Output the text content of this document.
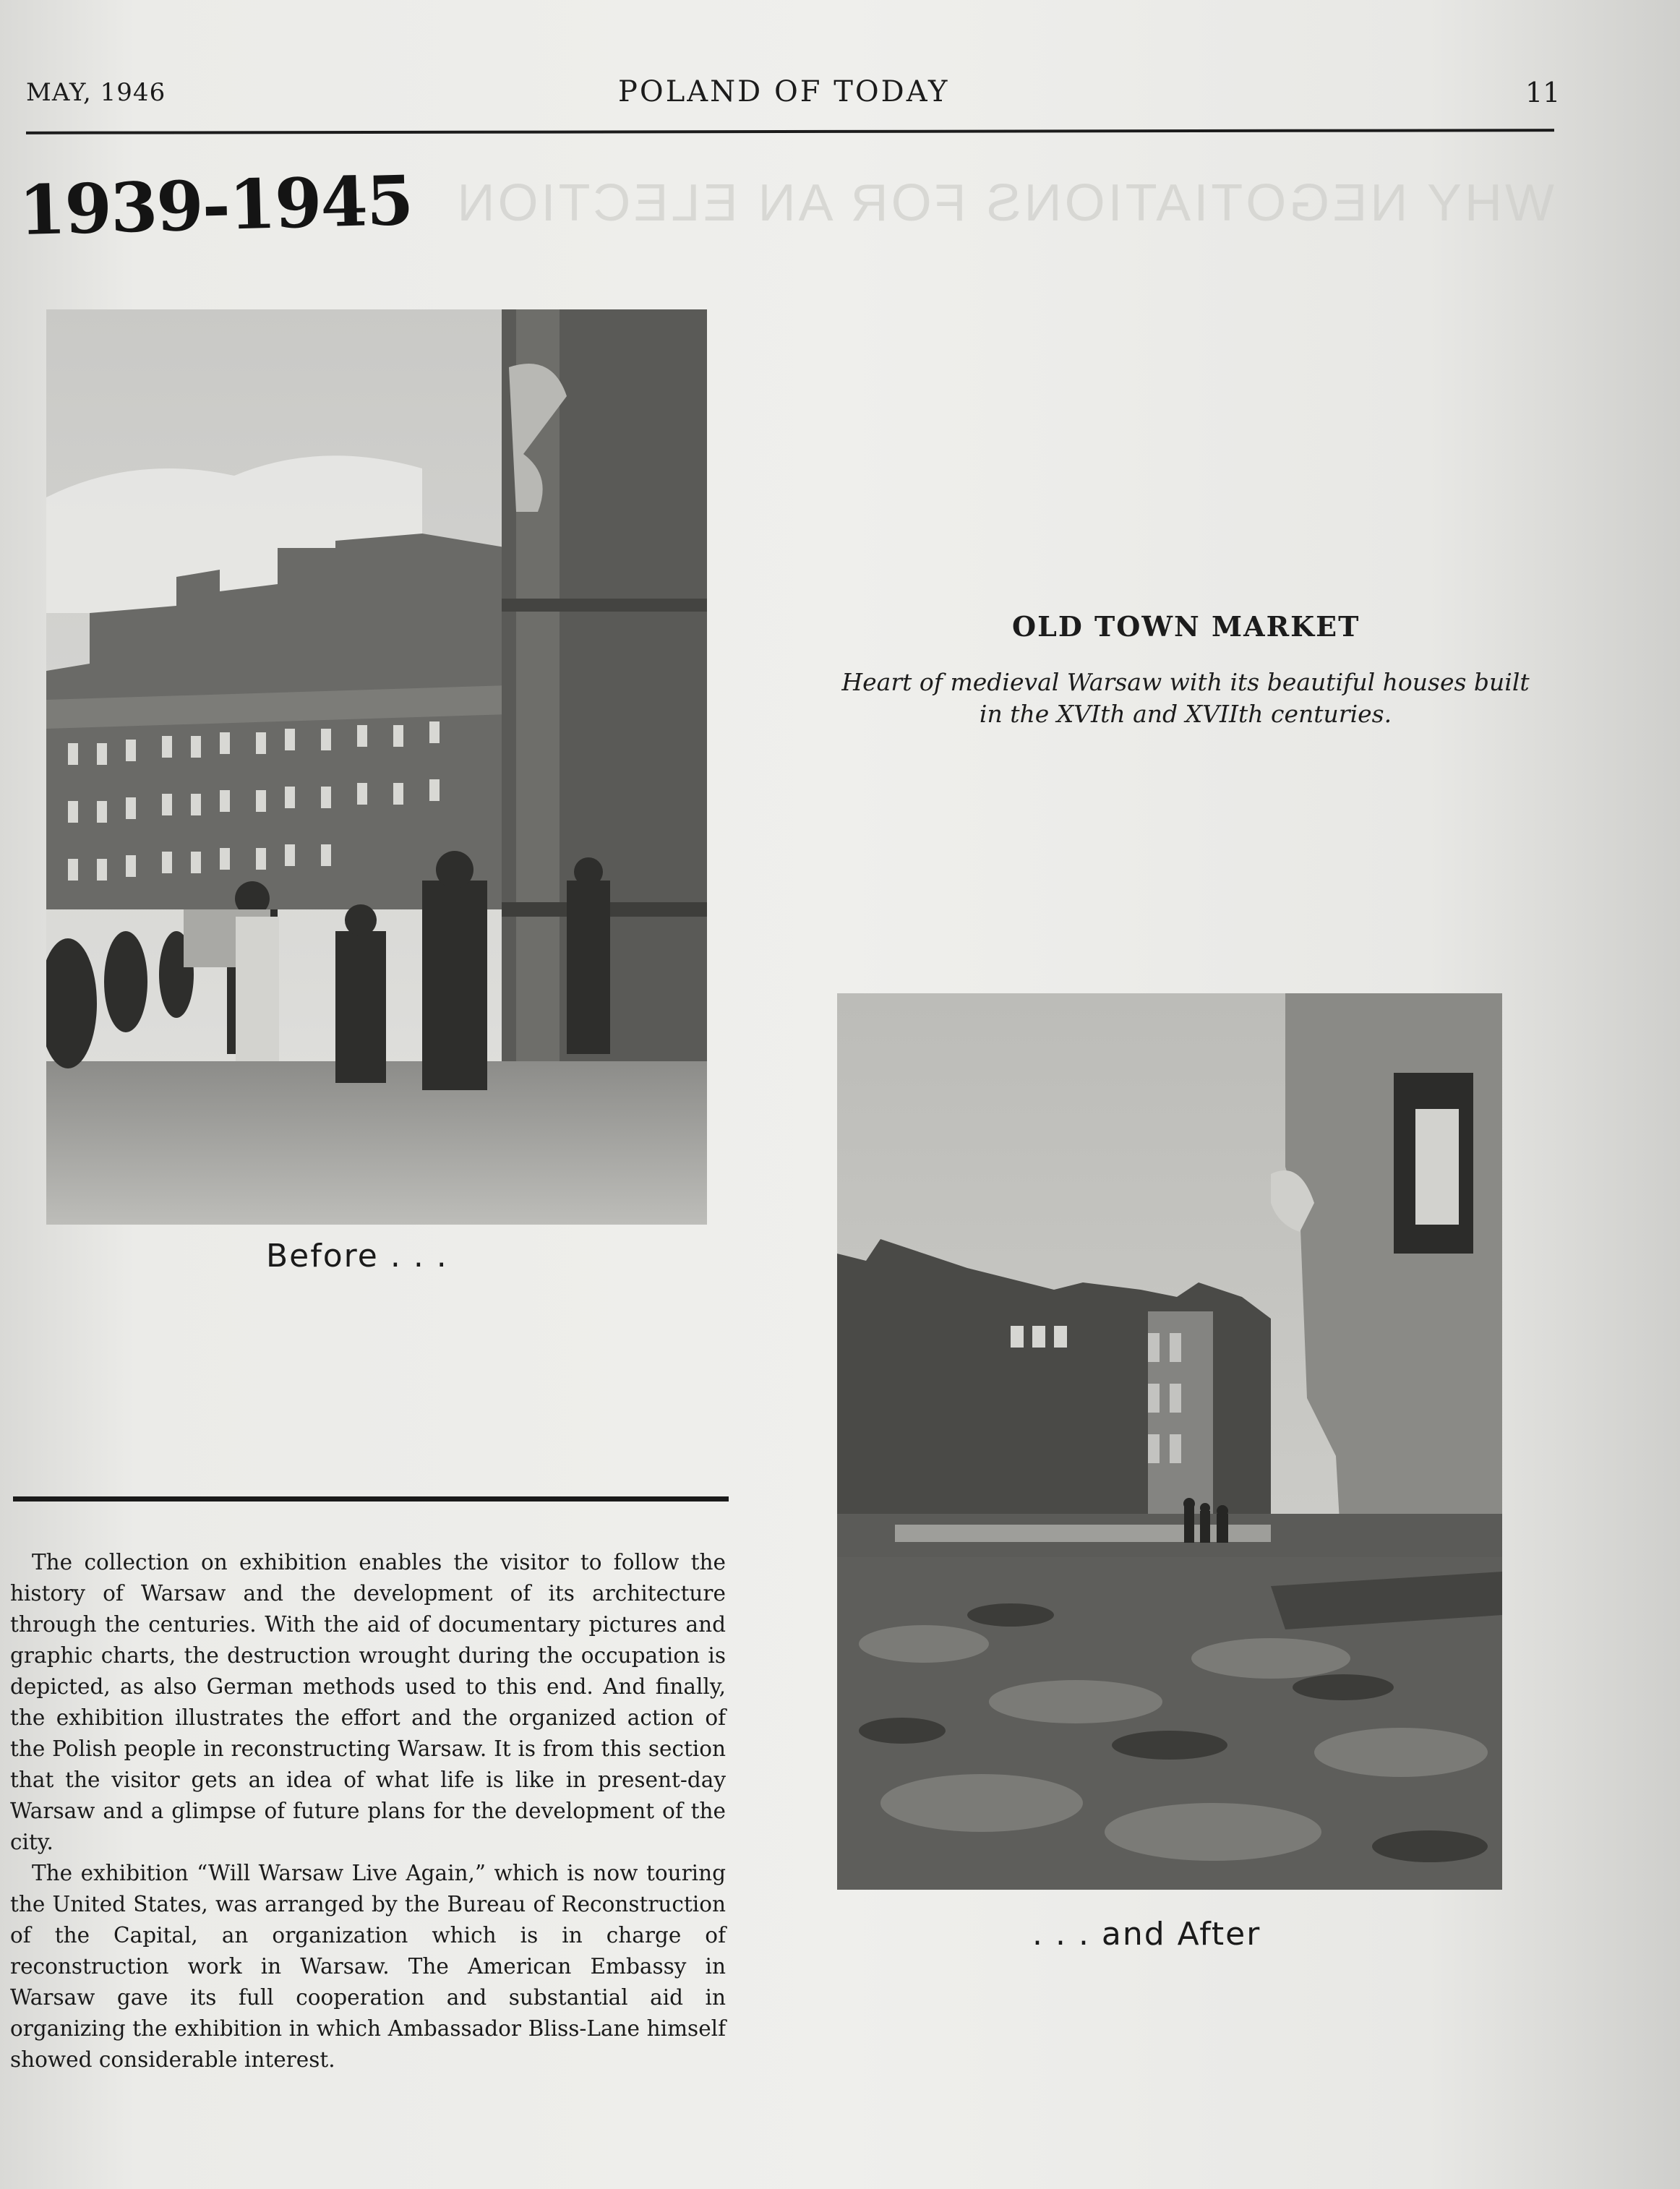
WHY NEGOTIATIONS FOR AN ELECTION
MAY, 1946	POLAND OF TODAY	11
1939-1945
Before . . .
OLD TOWN MARKET
Heart of medieval Warsaw with its beautiful houses built
in the XVIth and XVIIth centuries.
. . . and After

The collection on exhibition enables the visitor to follow the history of Warsaw and the development of its architecture through the centuries. With the aid of documentary pictures and graphic charts, the destruction wrought during the occupation is depicted, as also German methods used to this end. And finally, the exhibition illustrates the effort and the organized action of the Polish people in reconstructing Warsaw. It is from this section that the visitor gets an idea of what life is like in present-day Warsaw and a glimpse of future plans for the development of the city.

The exhibition “Will Warsaw Live Again,” which is now touring the United States, was arranged by the Bureau of Reconstruction of the Capital, an organization which is in charge of reconstruction work in Warsaw. The American Embassy in Warsaw gave its full cooperation and substantial aid in organizing the exhibition in which Ambassador Bliss-Lane himself showed considerable interest.
